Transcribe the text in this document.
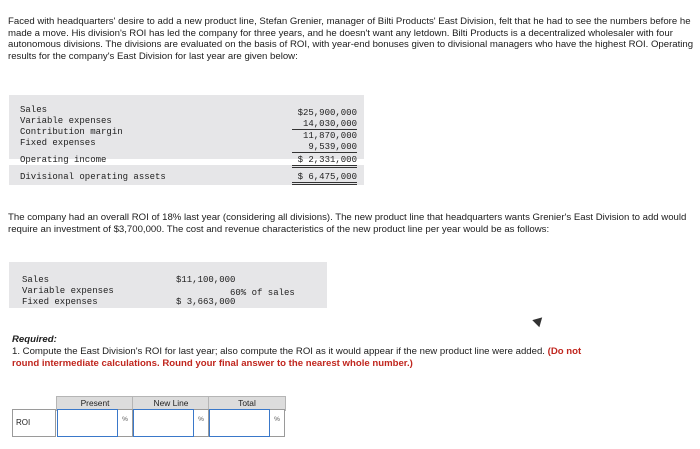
Faced with headquarters' desire to add a new product line, Stefan Grenier, manager of Bilti Products' East Division, felt that he had to see the numbers before he made a move. His division's ROI has led the company for three years, and he doesn't want any letdown. Bilti Products is a decentralized wholesaler with four autonomous divisions. The divisions are evaluated on the basis of ROI, with year-end bonuses given to divisional managers who have the highest ROI. Operating results for the company's East Division for last year are given below:
Sales	$25,900,000
Variable expenses	14,030,000
Contribution margin	11,870,000
Fixed expenses	9,539,000
Operating income	$ 2,331,000
Divisional operating assets	$ 6,475,000
The company had an overall ROI of 18% last year (considering all divisions). The new product line that headquarters wants Grenier's East Division to add would require an investment of $3,700,000. The cost and revenue characteristics of the new product line per year would be as follows:
Sales	$11,100,000
Variable expenses	60% of sales
Fixed expenses	$ 3,663,000
Required:
1. Compute the East Division's ROI for last year; also compute the ROI as it would appear if the new product line were added. (Do not
round intermediate calculations. Round your final answer to the nearest whole number.)
Present	New Line	Total
ROI	%	%	%
